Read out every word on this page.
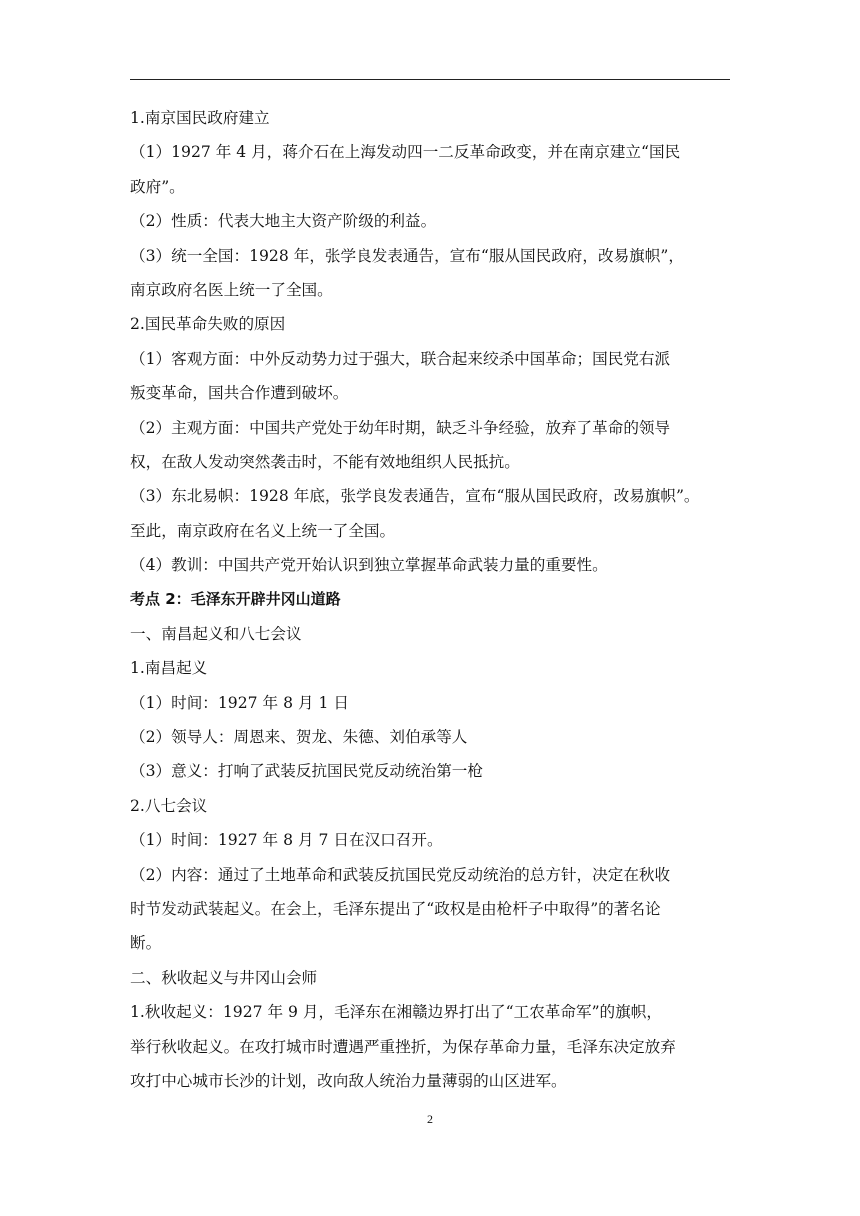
1.南京国民政府建立
（1）1927 年 4 月，蒋介石在上海发动四一二反革命政变，并在南京建立“国民
政府”。
（2）性质：代表大地主大资产阶级的利益。
（3）统一全国：1928 年，张学良发表通告，宣布“服从国民政府，改易旗帜”，
南京政府名医上统一了全国。
2.国民革命失败的原因
（1）客观方面：中外反动势力过于强大，联合起来绞杀中国革命；国民党右派
叛变革命，国共合作遭到破坏。
（2）主观方面：中国共产党处于幼年时期，缺乏斗争经验，放弃了革命的领导
权，在敌人发动突然袭击时，不能有效地组织人民抵抗。
（3）东北易帜：1928 年底，张学良发表通告，宣布“服从国民政府，改易旗帜”。
至此，南京政府在名义上统一了全国。
（4）教训：中国共产党开始认识到独立掌握革命武装力量的重要性。
考点 2：毛泽东开辟井冈山道路
一、南昌起义和八七会议
1.南昌起义
（1）时间：1927 年 8 月 1 日
（2）领导人：周恩来、贺龙、朱德、刘伯承等人
（3）意义：打响了武装反抗国民党反动统治第一枪
2.八七会议
（1）时间：1927 年 8 月 7 日在汉口召开。
（2）内容：通过了土地革命和武装反抗国民党反动统治的总方针，决定在秋收
时节发动武装起义。在会上，毛泽东提出了“政权是由枪杆子中取得”的著名论
断。
二、秋收起义与井冈山会师
1.秋收起义：1927 年 9 月，毛泽东在湘赣边界打出了“工农革命军”的旗帜，
举行秋收起义。在攻打城市时遭遇严重挫折，为保存革命力量，毛泽东决定放弃
攻打中心城市长沙的计划，改向敌人统治力量薄弱的山区进军。
2
